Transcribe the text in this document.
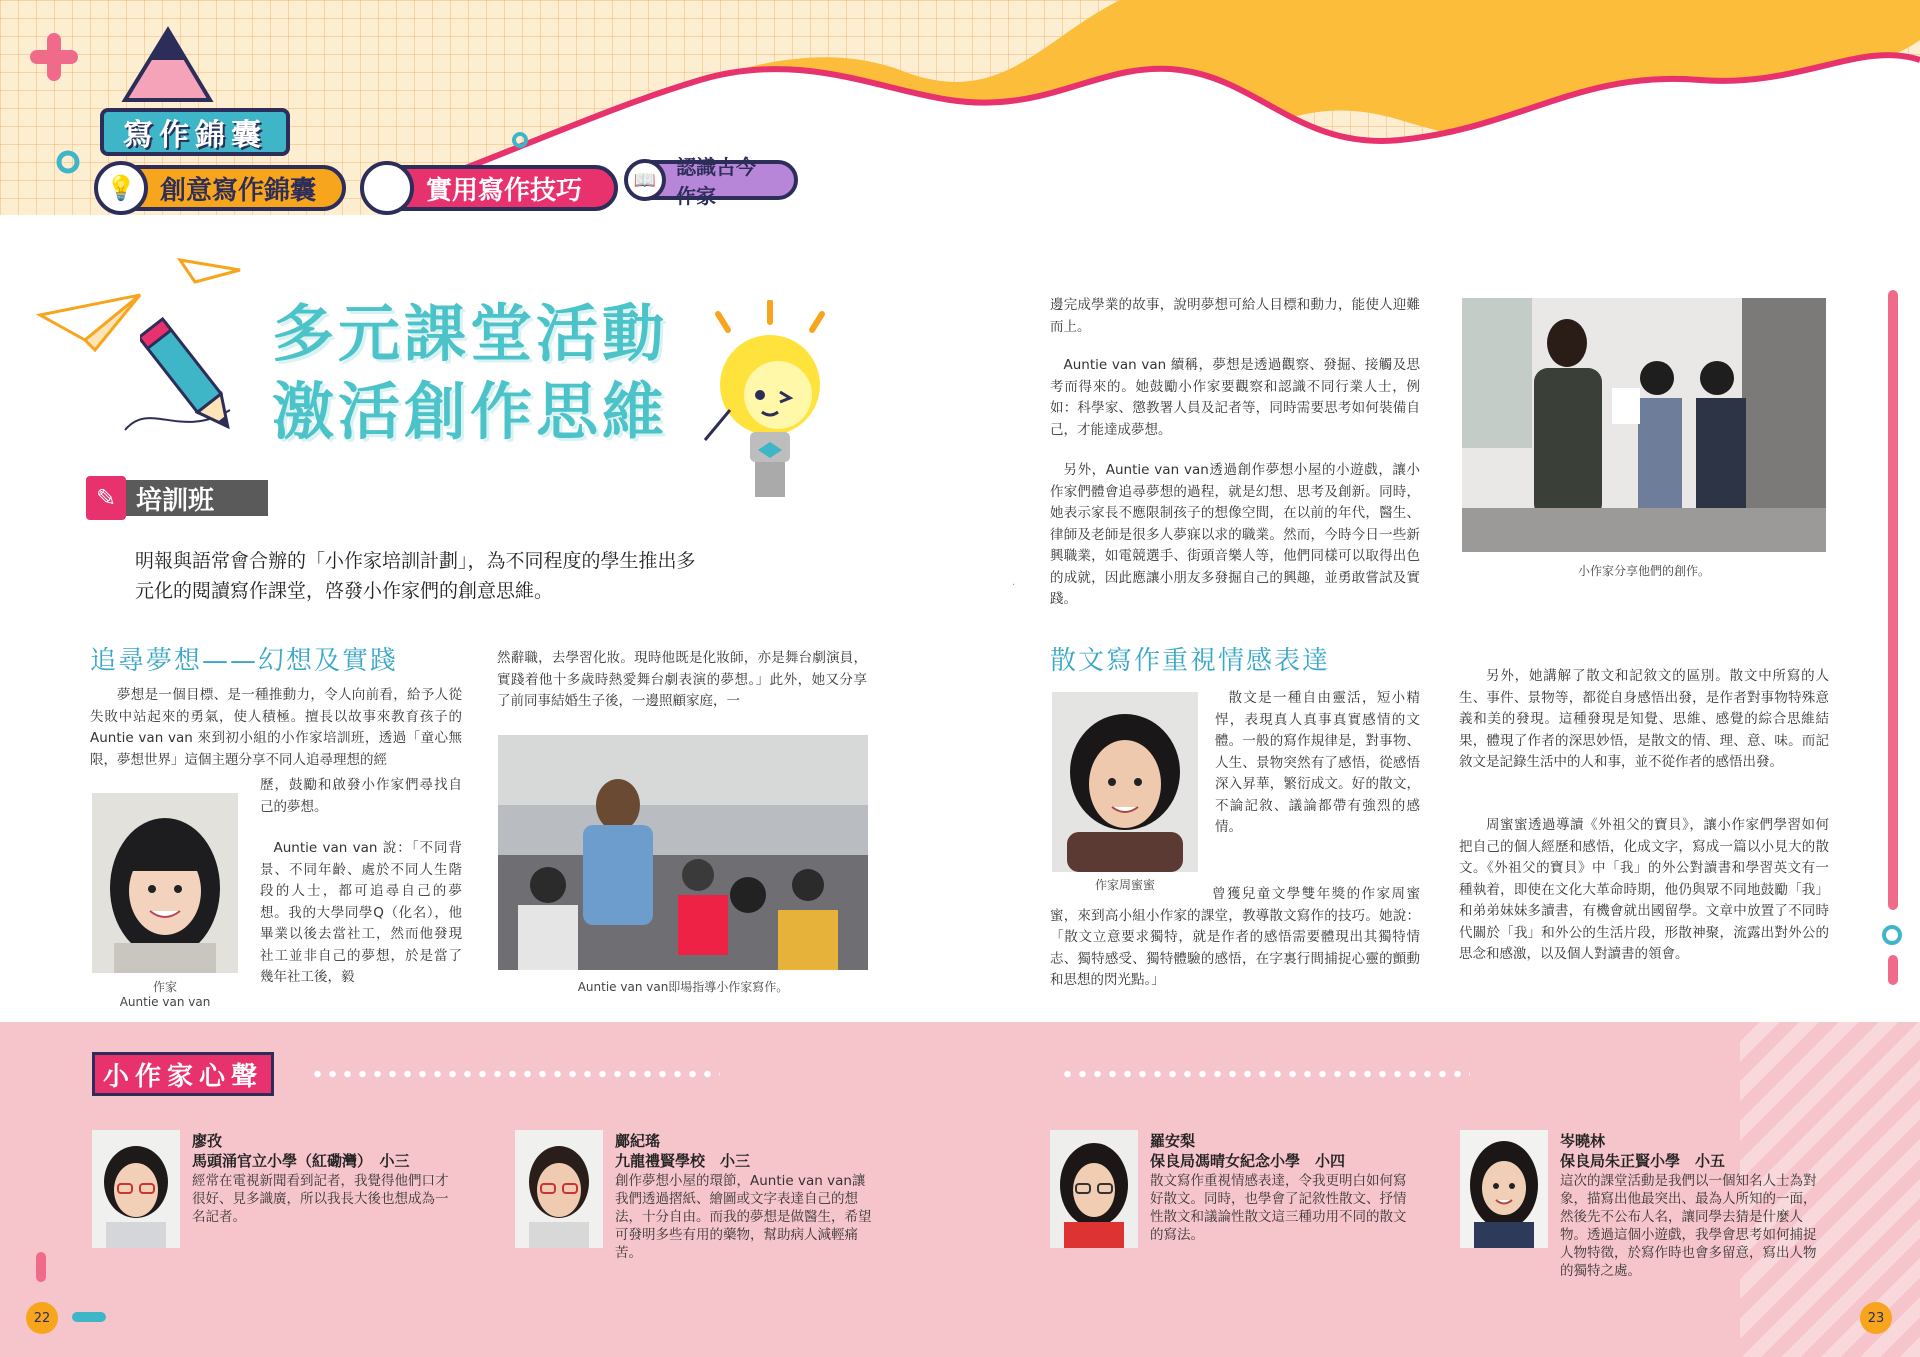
寫作錦囊
💡 創意寫作錦囊	✎	實用寫作技巧	📖
認識古今作家
多元課堂活動
激活創作思維
✎ 培訓班
明報與語常會合辦的「小作家培訓計劃」，為不同程度的學生推出多元化的閱讀寫作課堂，啓發小作家們的創意思維。
追尋夢想——幻想及實踐
夢想是一個目標、是一種推動力，令人向前看，給予人從失敗中站起來的勇氣，使人積極。擅長以故事來教育孩子的Auntie van van 來到初小組的小作家培訓班，透過「童心無限，夢想世界」這個主題分享不同人追尋理想的經
作家
Auntie van van
歷，鼓勵和啟發小作家們尋找自己的夢想。
Auntie van van 說：「不同背景、不同年齡、處於不同人生階段的人士，都可追尋自己的夢想。我的大學同學Q（化名），他畢業以後去當社工，然而他發現社工並非自己的夢想，於是當了幾年社工後，毅
然辭職，去學習化妝。現時他既是化妝師，亦是舞台劇演員，實踐着他十多歲時熱愛舞台劇表演的夢想。」此外，她又分享了前同事結婚生子後，一邊照顧家庭，一
Auntie van van即場指導小作家寫作。
邊完成學業的故事，說明夢想可給人目標和動力，能使人迎難而上。
Auntie van van 續稱，夢想是透過觀察、發掘、接觸及思考而得來的。她鼓勵小作家要觀察和認識不同行業人士，例如：科學家、懲教署人員及記者等，同時需要思考如何裝備自己，才能達成夢想。
另外，Auntie van van透過創作夢想小屋的小遊戲，讓小作家們體會追尋夢想的過程，就是幻想、思考及創新。同時，她表示家長不應限制孩子的想像空間，在以前的年代，醫生、律師及老師是很多人夢寐以求的職業。然而，今時今日一些新興職業，如電競選手、街頭音樂人等，他們同樣可以取得出色的成就，因此應讓小朋友多發掘自己的興趣，並勇敢嘗試及實踐。
小作家分享他們的創作。
散文寫作重視情感表達
作家周蜜蜜
散文是一種自由靈活，短小精悍，表現真人真事真實感情的文體。一般的寫作規律是，對事物、人生、景物突然有了感悟，從感悟深入昇華，繁衍成文。好的散文，不論記敘、議論都帶有強烈的感情。
曾獲兒童文學雙年獎的作家周蜜蜜，來到高小組小作家的課堂，教導散文寫作的技巧。她說：「散文立意要求獨特，就是作者的感悟需要體現出其獨特情志、獨特感受、獨特體驗的感悟，在字裏行間捕捉心靈的顫動和思想的閃光點。」
另外，她講解了散文和記敘文的區別。散文中所寫的人生、事件、景物等，都從自身感悟出發，是作者對事物特殊意義和美的發現。這種發現是知覺、思維、感覺的綜合思維結果，體現了作者的深思妙悟，是散文的情、理、意、味。而記敘文是記錄生活中的人和事，並不從作者的感悟出發。
周蜜蜜透過導讀《外祖父的寶貝》，讓小作家們學習如何把自己的個人經歷和感悟，化成文字，寫成一篇以小見大的散文。《外祖父的寶貝》中「我」的外公對讀書和學習英文有一種執着，即使在文化大革命時期，他仍與眾不同地鼓勵「我」和弟弟妹妹多讀書，有機會就出國留學。文章中放置了不同時代關於「我」和外公的生活片段，形散神聚，流露出對外公的思念和感激，以及個人對讀書的領會。
·
小作家心聲
廖孜
馬頭涌官立小學（紅磡灣）　小三
經常在電視新聞看到記者，我覺得他們口才很好、見多識廣，所以我長大後也想成為一名記者。
鄺紀瑤
九龍禮賢學校　小三
創作夢想小屋的環節，Auntie van van讓我們透過摺紙、繪圖或文字表達自己的想法，十分自由。而我的夢想是做醫生，希望可發明多些有用的藥物，幫助病人減輕痛苦。
羅安梨
保良局馮晴女紀念小學　小四
散文寫作重視情感表達，令我更明白如何寫好散文。同時，也學會了記敘性散文、抒情性散文和議論性散文這三種功用不同的散文的寫法。
岑曉林
保良局朱正賢小學　小五
這次的課堂活動是我們以一個知名人士為對象，描寫出他最突出、最為人所知的一面，然後先不公布人名，讓同學去猜是什麼人物。透過這個小遊戲，我學會思考如何捕捉人物特徵，於寫作時也會多留意，寫出人物的獨特之處。
22	23
